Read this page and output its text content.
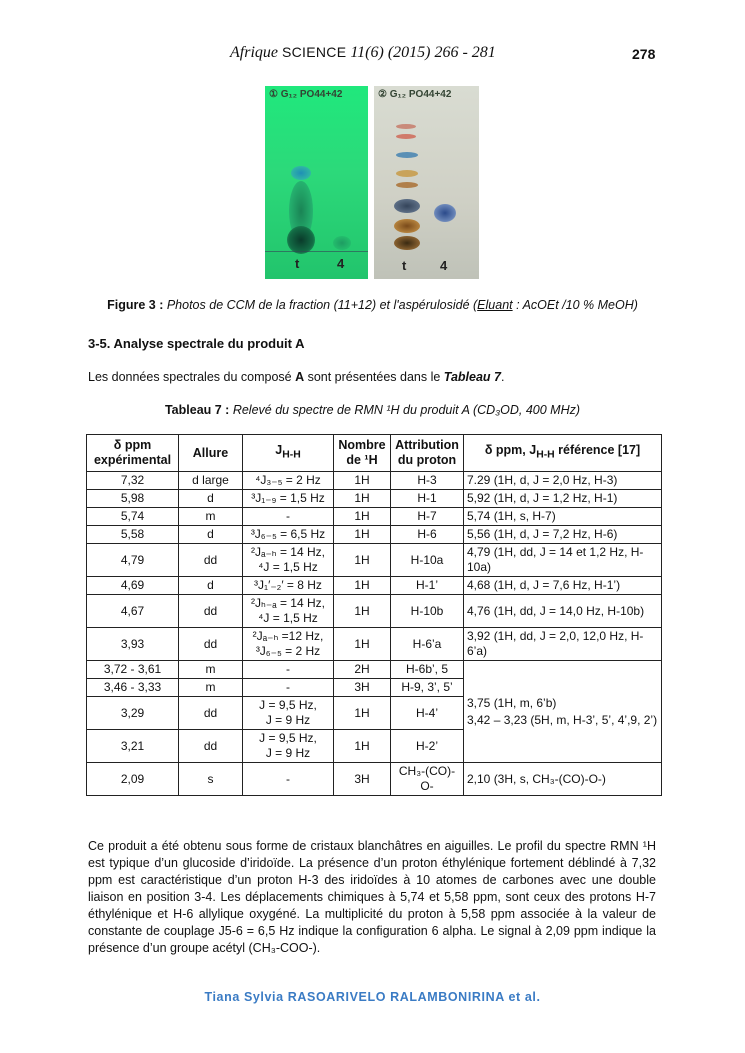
Afrique SCIENCE 11(6) (2015) 266 - 281	278
① G₁₂ PO44+42
t	4
② G₁₂ PO44+42
t	4
Figure 3 : Photos de CCM de la fraction (11+12) et l'aspérulosidé (Eluant : AcOEt /10 % MeOH)
3-5. Analyse spectrale du produit A
Les données spectrales du composé A sont présentées dans le Tableau 7.
Tableau 7 : Relevé du spectre de RMN ¹H du produit A (CD₃OD, 400 MHz)
δ ppm expérimental	Allure	$J_{H-H}$	Nombre de ¹H	Attribution du proton	δ ppm, $J_{H-H}$ référence [17]
7,32	d large	⁴J₃₋₅ = 2 Hz	1H	H-3	7.29 (1H, d, J = 2,0 Hz, H-3)
5,98	d	³J₁₋₉ = 1,5 Hz	1H	H-1	5,92 (1H, d, J = 1,2 Hz, H-1)
5,74	m	-	1H	H-7	5,74 (1H, s, H-7)
5,58	d	³J₆₋₅ = 6,5 Hz	1H	H-6	5,56 (1H, d, J = 7,2 Hz, H-6)
4,79	dd	²Jₐ₋ₕ = 14 Hz,
⁴J = 1,5 Hz	1H	H-10a	4,79 (1H, dd, J = 14 et 1,2 Hz, H-10a)
4,69	d	³J₁′₋₂′ = 8 Hz	1H	H-1’	4,68 (1H, d, J = 7,6 Hz, H-1’)
4,67	dd	²Jₕ₋ₐ = 14 Hz,
⁴J = 1,5 Hz	1H	H-10b	4,76 (1H, dd, J = 14,0 Hz, H-10b)
3,93	dd	²Jₐ₋ₕ =12 Hz,
³J₆₋₅ = 2 Hz	1H	H-6’a	3,92 (1H, dd, J = 2,0, 12,0 Hz, H-6’a)
3,72 - 3,61	m	-	2H	H-6b’, 5	3,75 (1H, m, 6’b)
3,42 – 3,23 (5H, m, H-3’, 5’, 4’,9, 2’)

3,46 - 3,33	m	-	3H	H-9, 3’, 5’	
3,29	dd	J = 9,5 Hz,
J = 9 Hz	1H	H-4’	
3,21	dd	J = 9,5 Hz,
J = 9 Hz	1H	H-2’	
2,09	s	-	3H	CH₃-(CO)-O-	2,10 (3H, s, CH₃-(CO)-O-)
Ce produit a été obtenu sous forme de cristaux blanchâtres en aiguilles. Le profil du spectre RMN ¹H est typique d’un glucoside d’iridoïde. La présence d’un proton éthylénique fortement déblindé à 7,32 ppm est caractéristique d’un proton H-3 des iridoïdes à 10 atomes de carbones avec une double liaison en position 3-4. Les déplacements chimiques à 5,74 et 5,58 ppm, sont ceux des protons H-7 éthylénique et H-6 allylique oxygéné. La multiplicité du proton à 5,58 ppm associée à la valeur de constante de couplage J5-6 = 6,5 Hz indique la configuration 6 alpha. Le signal à 2,09 ppm indique la présence d’un groupe acétyl (CH₃-COO-).
Tiana Sylvia RASOARIVELO RALAMBONIRINA et al.
